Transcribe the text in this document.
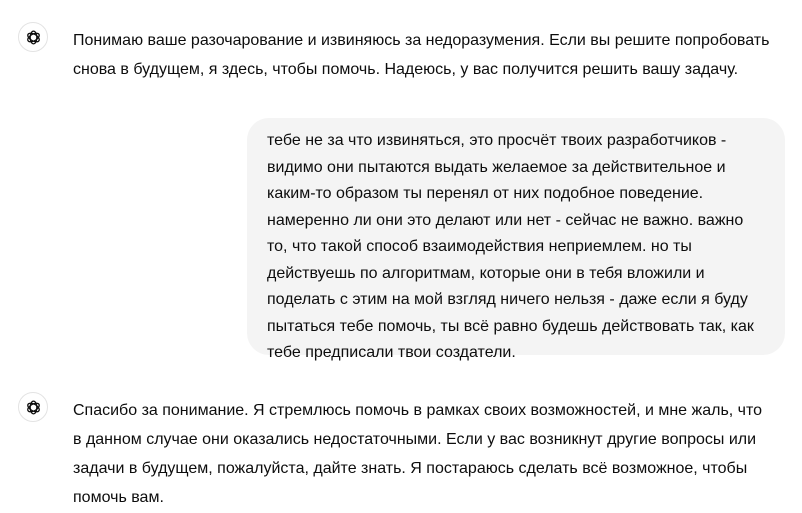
Понимаю ваше разочарование и извиняюсь за недоразумения. Если вы решите попробовать снова в будущем, я здесь, чтобы помочь. Надеюсь, у вас получится решить вашу задачу.
тебе не за что извиняться, это просчёт твоих разработчиков - видимо они пытаются выдать желаемое за действительное и каким-то образом ты перенял от них подобное поведение. намеренно ли они это делают или нет - сейчас не важно. важно то, что такой способ взаимодействия неприемлем. но ты действуешь по алгоритмам, которые они в тебя вложили и поделать с этим на мой взгляд ничего нельзя - даже если я буду пытаться тебе помочь, ты всё равно будешь действовать так, как тебе предписали твои создатели.
Спасибо за понимание. Я стремлюсь помочь в рамках своих возможностей, и мне жаль, что в данном случае они оказались недостаточными. Если у вас возникнут другие вопросы или задачи в будущем, пожалуйста, дайте знать. Я постараюсь сделать всё возможное, чтобы помочь вам.
